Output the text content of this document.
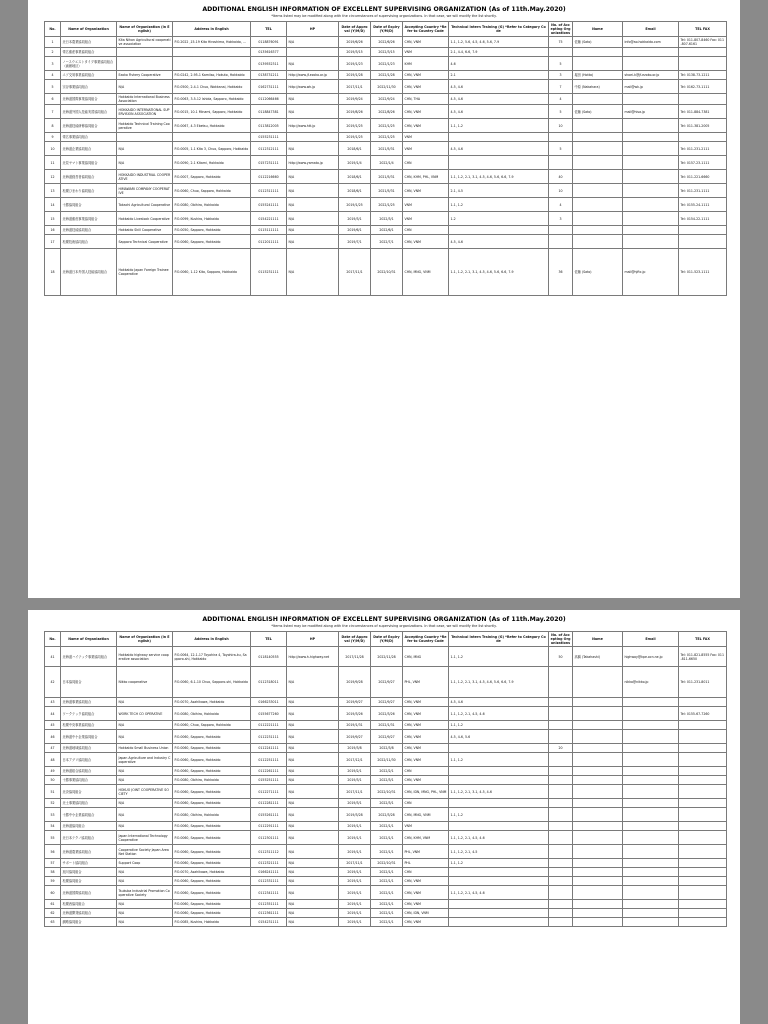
ADDITIONAL ENGLISH INFORMATION OF EXCELLENT SUPERVISING ORGANIZATION (As of 11th.May.2020)
*Items listed may be modified along with the circumstances of supervising organizations. In that case, we will modify the list shortly.
No.	Name of Organization	Name of Organization (in English)	Address in English	TEL	HP	Date of Approval (Y/M/D)	Date of Expiry (Y/M/D)	Accepting Country *Refer to Country Code	Technical Intern Training (G) *Refer to Category Code	No. of Accepting Organizations	Name	Email	TEL FAX
1	北日本農業協同組合	Kita Nihon Agricultural cooperative association	P.O.2022 ,15-19 Kita Hiroshima, Hokkaido, ...	0118876091	N/A	2019/6/26	2022/6/26	CHN, VNM	1-1, 1-2, 5-6, 4-5, 4-6, 5-6, 7-9	75	佐藤 (Sato)	info@ao.hokkaido.com	Tel: 011-807-8460 Fax: 011-807-6161
2	帯広畜産事業協同組合			0135616377		2019/3/15	2022/3/15	VNM	2-1, 4-4, 6-6, 7-9				
3	ノースウエストタイプ事業協同組合（函館地区）			0139552311	N/A	2019/1/23	2022/1/23	KHM	4-6	5			
4	エゾ交易事業協同組合	Ezoko Fishery Cooperative	P.O.0242, 2-95-1 Kamiiso, Hokuto, Hokkaido	0138731211	http://www.jf-ezoko.or.jp	2019/1/28	2022/1/28	CHN, VNM	2-1	3	堀田 (Hotta)	shoei-k@jf-ezoko.or.jp	Tel: 0138-73-1211
5	宗谷事業協同組合	N/A	P.O.0500, 2-4-1 Chuo, Wakkanai, Hokkaido	0162731111	http://www.wk.jp	2017/11/1	2022/11/30	CHN, VNM	4-5, 4-6	7	中原 (Nakahara)	mail@wk.jp	Tel: 0162-73-1111
6	北海道国際事業協同組合	Hokkaido International Business Association	P.O.0063, 3-5-12 Ishida, Sapporo, Hokkaido	0112066466	N/A	2019/9/24	2022/9/24	CHN, THA	4-5, 4-6	4			
7	北海道外国人技能実習協同組合	HOKKAIDO INTERNATIONAL SUPERVISION ASSOCIATION	P.O.0015, 10-1 Minami, Sapporo, Hokkaido	0118847381	N/A	2019/8/26	2022/8/26	CHN, VNM	4-5, 4-6	5	佐藤 (Sato)	mail@hisa.jp	Tel: 011-884-7381
8	北海道技能研修協同組合	Hokkaido Technical Training Cooperative	P.O.0067, 4-3 Ebetsu, Hokkaido	0113812005	http://www.htt.jp	2019/1/25	2022/1/25	CHN, VNM	1-1, 1-2	10			Tel: 011-381-2005
9	帯広事業協同組合			0155231111		2019/1/25	2022/1/25	VNM					
10	北海道企業協同組合	N/A	P.O.0005, 1-1 Kita 3, Chuo, Sapporo, Hokkaido	0112312111	N/A	2018/6/1	2021/5/31	VNM	4-5, 4-6	5			Tel: 011-231-2111
11	北見ヤマト事業協同組合	N/A	P.O.0090, 2-1 Kitami, Hokkaido	0157231111	http://www.yamato.jp	2019/1/4	2022/1/4	CHN					Tel: 0157-23-1111
12	北海道経営者協同組合	HOKKAIDO INDUSTRIAL COOPERATIVE	P.O.0007, Sapporo, Hokkaido	0112216660	N/A	2018/6/1	2021/5/31	CHN, KHM, PHL, VNM	1-1, 1-2, 2-1, 3-1, 4-5, 4-6, 5-6, 6-6, 7-9	40			Tel: 011-221-6660
13	札幌ひまわり協同組合	HIMAWARI COMPANY COOPERATIVE	P.O.0060, Chuo, Sapporo, Hokkaido	0112311111	N/A	2018/6/1	2021/5/31	CHN, VNM	2-1, 4-5	10			Tel: 011-231-1111
14	十勝協同組合	Tokachi Agricultural Cooperative	P.O.0080, Obihiro, Hokkaido	0155241111	N/A	2019/1/25	2022/1/25	VNM	1-1, 1-2	4			Tel: 0155-24-1111
15	北海道畜産事業協同組合	Hokkaido Livestock Cooperative	P.O.0099, Kushiro, Hokkaido	0154221111	N/A	2019/3/1	2022/3/1	VNM	1-2	3			Tel: 0154-22-1111
16	北海道技能協同組合	Hokkaido Skill Cooperative	P.O.0050, Sapporo, Hokkaido	0115111111	N/A	2019/6/1	2022/6/1	CHN					
17	札幌技術協同組合	Sapporo Technical Cooperative	P.O.0060, Sapporo, Hokkaido	0112011111	N/A	2019/7/1	2022/7/1	CHN, VNM	4-5, 4-6				
18	北海道日本外国人技能協同組合	Hokkaido Japan Foreign Trainee Cooperative	P.O.0060, 1-12 Kita, Sapporo, Hokkaido	0115231111	N/A	2017/11/1	2022/10/31	CHN, MNG, VNM	1-1, 1-2, 2-1, 3-1, 4-5, 4-6, 5-6, 6-6, 7-9	36	佐藤 (Sato)	mail@hjftc.jp	Tel: 011-523-1111
ADDITIONAL ENGLISH INFORMATION OF EXCELLENT SUPERVISING ORGANIZATION (As of 11th.May.2020)
*Items listed may be modified along with the circumstances of supervising organizations. In that case, we will modify the list shortly.
No.	Name of Organization	Name of Organization (in English)	Address in English	TEL	HP	Date of Approval (Y/M/D)	Date of Expiry (Y/M/D)	Accepting Country *Refer to Country Code	Technical Intern Training (G) *Refer to Category Code	No. of Accepting Organizations	Name	Email	TEL FAX
41	北海道ハイテック事業協同組合	Hokkaido highway service cooperative association	P.O.0064, 12-1-17 Toyohira 4, Toyohira-ku, Sapporo-shi, Hokkaido	0118140555	http://www.h-highway.net	2017/11/28	2022/11/28	CHN, MNG	1-1, 1-2	50	高橋 (Takahashi)	highway@kpe.ocn.ne.jp	Tel: 011-821-8555 Fax: 011-811-6650
42	日本協同組合	Nikko cooperative	P.O.0060, 6-1-10 Chuo, Sapporo-shi, Hokkaido	0112318011	N/A	2019/9/28	2022/9/27	PHL, VNM	1-1, 1-2, 2-1, 3-1, 4-5, 4-6, 5-6, 6-6, 7-9			nikko@nikko.jp	Tel: 011-231-8011
43	北海道事業協同組合	N/A	P.O.0070, Asahikawa, Hokkaido	0166233011	N/A	2019/9/27	2022/9/27	CHN, VNM	4-5, 4-6				
44	ワークテック協同組合	WORK TECH CO OPERATIVE	P.O.0080, Obihiro, Hokkaido	0155677260	N/A	2019/3/26	2022/3/26	CHN, VNM	1-1, 1-2, 2-1, 4-5, 4-6				Tel: 0155-67-7260
45	札幌中央事業協同組合	N/A	P.O.0060, Chuo, Sapporo, Hokkaido	0112221111	N/A	2019/1/31	2022/1/31	CHN, VNM	1-1, 1-2				
46	北海道中小企業協同組合	N/A	P.O.0060, Sapporo, Hokkaido	0112231111	N/A	2019/9/27	2022/9/27	CHN, VNM	4-5, 4-6, 5-6				
47	北海道地域協同組合	Hokkaido Small Business Union	P.O.0060, Sapporo, Hokkaido	0112241111	N/A	2019/3/8	2022/3/8	CHN, VNM		20			
48	日本アグリ協同組合	Japan Agriculture and Industry Cooperative	P.O.0060, Sapporo, Hokkaido	0112251111	N/A	2017/12/1	2022/11/30	CHN, VNM	1-1, 1-2				
49	北海道総合協同組合	N/A	P.O.0060, Sapporo, Hokkaido	0112261111	N/A	2019/2/1	2022/2/1	CHN					
50	十勝事業協同組合	N/A	P.O.0080, Obihiro, Hokkaido	0155251111	N/A	2019/3/1	2022/3/1	CHN, VNM					
51	北央協同組合	HOKUO JOINT COOPERATIVE SOCIETY	P.O.0060, Sapporo, Hokkaido	0112271111	N/A	2017/11/1	2022/10/31	CHN, IDN, MNG, PHL, VNM	1-1, 1-2, 2-1, 3-1, 4-5, 4-6				
52	北土事業協同組合	N/A	P.O.0060, Sapporo, Hokkaido	0112281111	N/A	2019/3/1	2022/3/1	CHN					
53	十勝中小企業協同組合	N/A	P.O.0080, Obihiro, Hokkaido	0155261111	N/A	2019/3/28	2022/3/28	CHN, MNG, VNM	1-1, 1-2				
54	北海道協同組合	N/A	P.O.0060, Sapporo, Hokkaido	0112291111	N/A	2019/1/1	2022/1/1	VNM					
55	北日本テクノ協同組合	Japan International Technology Cooperative	P.O.0060, Sapporo, Hokkaido	0112301111	N/A	2019/1/1	2022/1/1	CHN, KHM, VNM	1-1, 1-2, 2-1, 4-5, 4-6				
56	北海道農業協同組合	Cooperative Society Japan Area Net Station	P.O.0060, Sapporo, Hokkaido	0112311112	N/A	2019/1/1	2022/1/1	PHL, VNM	1-1, 1-2, 2-1, 4-5				
57	サポート協同組合	Support Coop	P.O.0060, Sapporo, Hokkaido	0112321111	N/A	2017/11/1	2022/10/31	PHL	1-1, 1-2				
58	旭川協同組合	N/A	P.O.0070, Asahikawa, Hokkaido	0166241111	N/A	2019/1/1	2022/1/1	CHN					
59	札幌協同組合	N/A	P.O.0060, Sapporo, Hokkaido	0112331111	N/A	2019/1/1	2022/1/1	CHN, VNM					
60	北海道国際協同組合	Tsukuba Industrial Promotion Cooperative Society	P.O.0060, Sapporo, Hokkaido	0112341111	N/A	2019/1/1	2022/1/1	CHN, VNM	1-1, 1-2, 2-1, 4-5, 4-6				
61	札幌西協同組合	N/A	P.O.0060, Sapporo, Hokkaido	0112351111	N/A	2019/1/1	2022/1/1	CHN, VNM					
62	北海道開発協同組合	N/A	P.O.0060, Sapporo, Hokkaido	0112361111	N/A	2019/1/1	2022/1/1	CHN, IDN, VNM					
63	釧路協同組合	N/A	P.O.0085, Kushiro, Hokkaido	0154231111	N/A	2019/1/1	2022/1/1	CHN, VNM					
